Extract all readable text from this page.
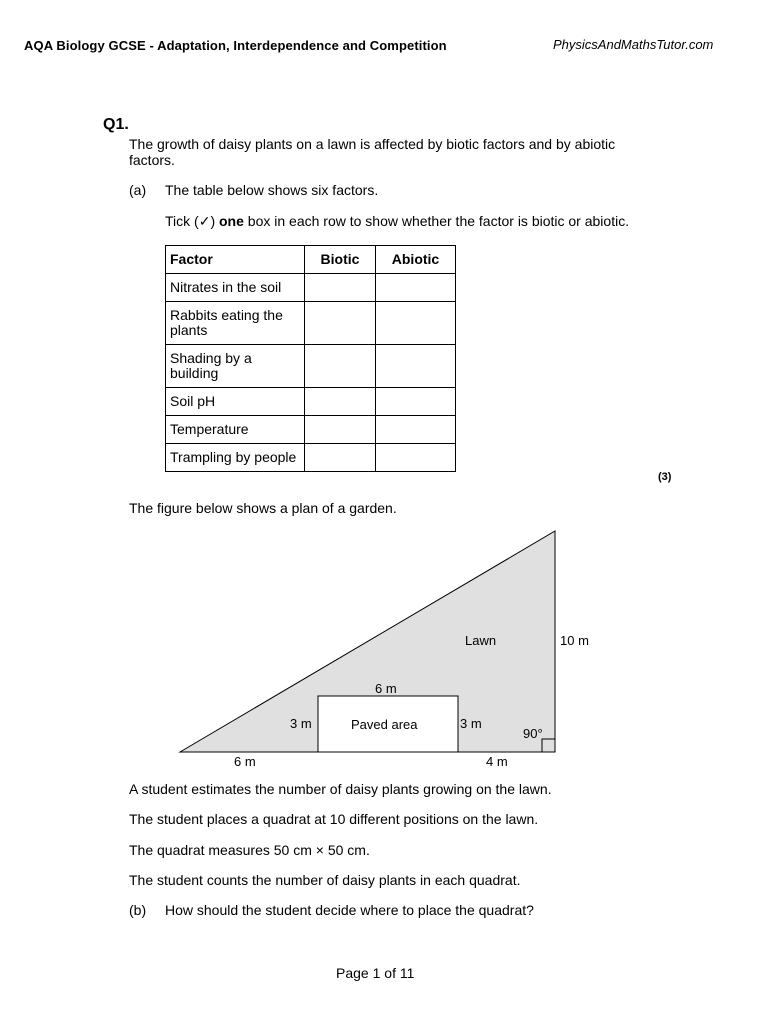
AQA Biology GCSE - Adaptation, Interdependence and Competition	PhysicsAndMathsTutor.com
Q1.
The growth of daisy plants on a lawn is affected by biotic factors and by abiotic
factors.
(a) The table below shows six factors.
Tick (✓) one box in each row to show whether the factor is biotic or abiotic.
Factor	Biotic	Abiotic
Nitrates in the soil		
Rabbits eating the plants		
Shading by a building		
Soil pH		
Temperature		
Trampling by people		
(3)
The figure below shows a plan of a garden.
Lawn	10 m
6 m
3 m	Paved area	3 m
90°
6 m	4 m
A student estimates the number of daisy plants growing on the lawn.
The student places a quadrat at 10 different positions on the lawn.
The quadrat measures 50 cm × 50 cm.
The student counts the number of daisy plants in each quadrat.
(b) How should the student decide where to place the quadrat?
Page 1 of 11
